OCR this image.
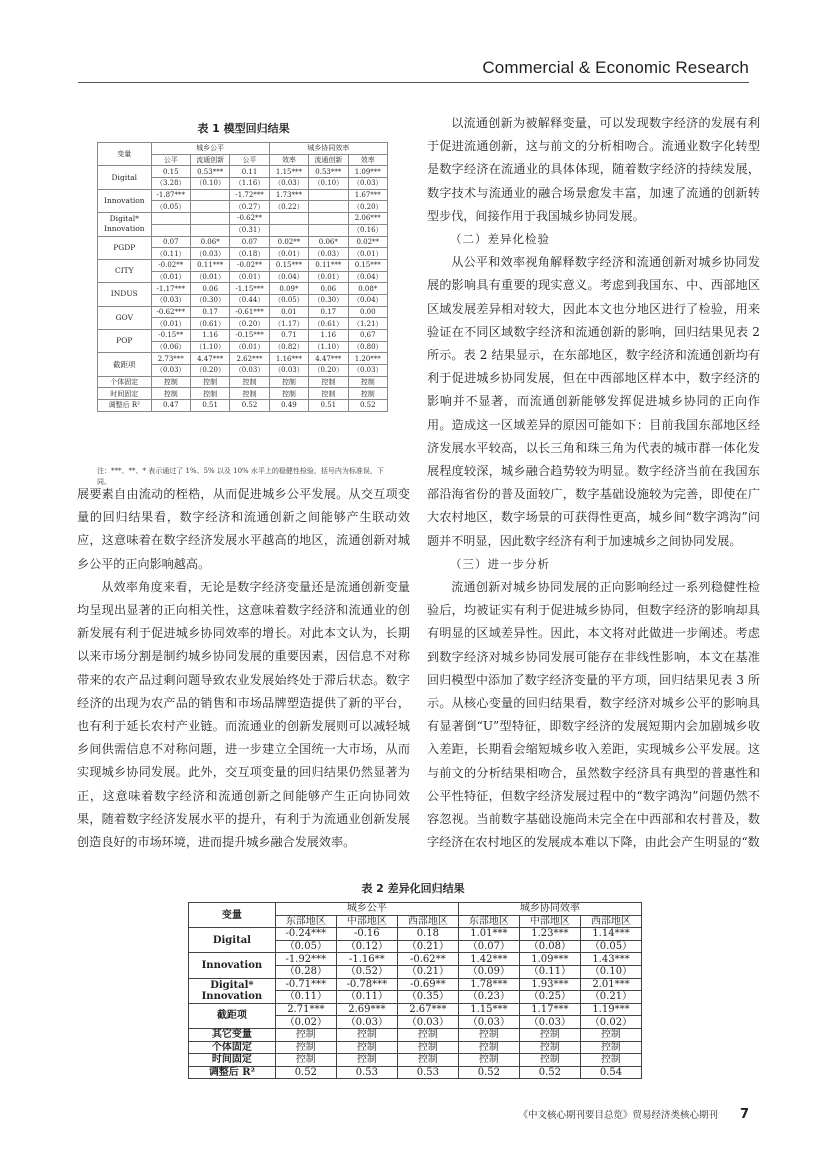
Commercial & Economic Research
表 1 模型回归结果
变量	城乡公平			城乡协同效率		
	公平	流通创新	公平	效率	流通创新	效率
Digital	0.15	0.53***	0.11	1.15***	0.53***	1.09***
	（3.28）	（0.10）	（1.16）	（0.03）	（0.10）	（0.03）
Innovation	-1.87***		-1.72***	1.73***		1.67***
	（0.05）		（0.27）	（0.22）		（0.20）
Digital*
Innovation			-0.62**			2.06***
			（0.31）			（0.16）
PGDP	0.07	0.06*	0.07	0.02**	0.06*	0.02**
	（0.11）	（0.03）	（0.18）	（0.01）	（0.03）	（0.01）
CITY	-0.02**	0.11***	-0.02**	0.15***	0.11***	0.15***
	（0.01）	（0.01）	（0.01）	（0.04）	（0.01）	（0.04）
INDUS	-1.17***	0.06	-1.15***	0.09*	0.06	0.08*
	（0.03）	（0.30）	（0.44）	（0.05）	（0.30）	（0.04）
GOV	-0.62***	0.17	-0.61***	0.01	0.17	0.00
	（0.01）	（0.61）	（0.20）	（1.17）	（0.61）	（1.21）
POP	-0.15**	1.16	-0.15***	0.71	1.16	0.67
	（0.06）	（1.10）	（0.01）	（0.82）	（1.10）	（0.80）
截距项	2.73***	4.47***	2.62***	1.16***	4.47***	1.20***
	（0.03）	（0.20）	（0.03）	（0.03）	（0.20）	（0.03）
个体固定	控制	控制	控制	控制	控制	控制
时间固定	控制	控制	控制	控制	控制	控制
调整后 R²	0.47	0.51	0.52	0.49	0.51	0.52
注：***、**、* 表示通过了 1%、5% 以及 10% 水平上的稳健性检验，括号内为标准误，下同。

展要素自由流动的桎梏，从而促进城乡公平发展。从交互项变量的回归结果看，数字经济和流通创新之间能够产生联动效应，这意味着在数字经济发展水平越高的地区，流通创新对城乡公平的正向影响越高。

从效率角度来看，无论是数字经济变量还是流通创新变量均呈现出显著的正向相关性，这意味着数字经济和流通业的创新发展有利于促进城乡协同效率的增长。对此本文认为，长期以来市场分割是制约城乡协同发展的重要因素，因信息不对称带来的农产品过剩问题导致农业发展始终处于滞后状态。数字经济的出现为农产品的销售和市场品牌塑造提供了新的平台，也有利于延长农村产业链。而流通业的创新发展则可以减轻城乡间供需信息不对称问题，进一步建立全国统一大市场，从而实现城乡协同发展。此外，交互项变量的回归结果仍然显著为正，这意味着数字经济和流通创新之间能够产生正向协同效果，随着数字经济发展水平的提升，有利于为流通业创新发展创造良好的市场环境，进而提升城乡融合发展效率。

以流通创新为被解释变量，可以发现数字经济的发展有利于促进流通创新，这与前文的分析相吻合。流通业数字化转型是数字经济在流通业的具体体现，随着数字经济的持续发展，数字技术与流通业的融合场景愈发丰富，加速了流通的创新转型步伐，间接作用于我国城乡协同发展。

（二）差异化检验

从公平和效率视角解释数字经济和流通创新对城乡协同发展的影响具有重要的现实意义。考虑到我国东、中、西部地区区域发展差异相对较大，因此本文也分地区进行了检验，用来验证在不同区域数字经济和流通创新的影响，回归结果见表 2 所示。表 2 结果显示，在东部地区，数字经济和流通创新均有利于促进城乡协同发展，但在中西部地区样本中，数字经济的影响并不显著，而流通创新能够发挥促进城乡协同的正向作用。造成这一区域差异的原因可能如下：目前我国东部地区经济发展水平较高，以长三角和珠三角为代表的城市群一体化发展程度较深，城乡融合趋势较为明显。数字经济当前在我国东部沿海省份的普及面较广，数字基础设施较为完善，即使在广大农村地区，数字场景的可获得性更高，城乡间“数字鸿沟”问题并不明显，因此数字经济有利于加速城乡之间协同发展。

（三）进一步分析

流通创新对城乡协同发展的正向影响经过一系列稳健性检验后，均被证实有利于促进城乡协同，但数字经济的影响却具有明显的区域差异性。因此，本文将对此做进一步阐述。考虑到数字经济对城乡协同发展可能存在非线性影响，本文在基准回归模型中添加了数字经济变量的平方项，回归结果见表 3 所示。从核心变量的回归结果看，数字经济对城乡公平的影响具有显著倒“U”型特征，即数字经济的发展短期内会加剧城乡收入差距，长期看会缩短城乡收入差距，实现城乡公平发展。这与前文的分析结果相吻合，虽然数字经济具有典型的普惠性和公平性特征，但数字经济发展过程中的“数字鸿沟”问题仍然不容忽视。当前数字基础设施尚未完全在中西部和农村普及，数字经济在农村地区的发展成本难以下降，由此会产生明显的“数

表 2 差异化回归结果
变量	城乡公平			城乡协同效率		
	东部地区	中部地区	西部地区	东部地区	中部地区	西部地区
Digital	-0.24***	-0.16	0.18	1.01***	1.23***	1.14***
	（0.05）	（0.12）	（0.21）	（0.07）	（0.08）	（0.05）
Innovation	-1.92***	-1.16**	-0.62**	1.42***	1.09***	1.43***
	（0.28）	（0.52）	（0.21）	（0.09）	（0.11）	（0.10）
Digital*
Innovation	-0.71***	-0.78***	-0.69**	1.78***	1.93***	2.01***
	（0.11）	（0.11）	（0.35）	（0.23）	（0.25）	（0.21）
截距项	2.71***	2.69***	2.67***	1.15***	1.17***	1.19***
	（0.02）	（0.03）	（0.03）	（0.03）	（0.03）	（0.02）
其它变量	控制	控制	控制	控制	控制	控制
个体固定	控制	控制	控制	控制	控制	控制
时间固定	控制	控制	控制	控制	控制	控制
调整后 R²	0.52	0.53	0.53	0.52	0.52	0.54
《中文核心期刊要目总览》贸易经济类核心期刊 7
